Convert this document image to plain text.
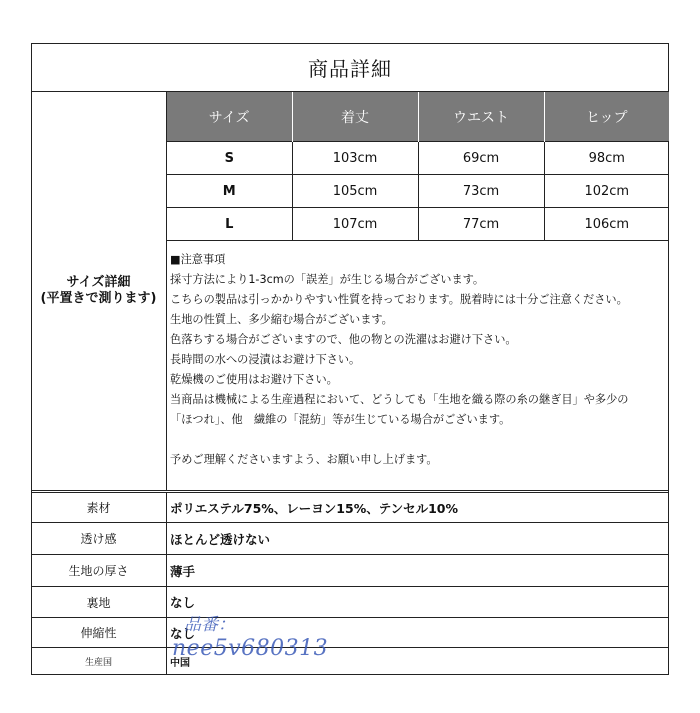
商品詳細
サイズ詳細
(平置きで測ります)
サイズ	着丈	ウエスト	ヒップ
S	103cm	69cm	98cm
M	105cm	73cm	102cm
L	107cm	77cm	106cm
■注意事項
採寸方法により1-3cmの「誤差」が生じる場合がございます。
こちらの製品は引っかかりやすい性質を持っております。脱着時には十分ご注意ください。
生地の性質上、多少縮む場合がございます。
色落ちする場合がございますので、他の物との洗濯はお避け下さい。
長時間の水への浸漬はお避け下さい。
乾燥機のご使用はお避け下さい。
当商品は機械による生産過程において、どうしても「生地を織る際の糸の継ぎ目」や多少の
「ほつれ」、他　繊維の「混紡」等が生じている場合がございます。
予めご理解くださいますよう、お願い申し上げます。
素材	ポリエステル75%、レーヨン15%、テンセル10%
透け感	ほとんど透けない
生地の厚さ	薄手
裏地	なし
伸縮性	なし
生産国	中国
品番：
nee5v680313
